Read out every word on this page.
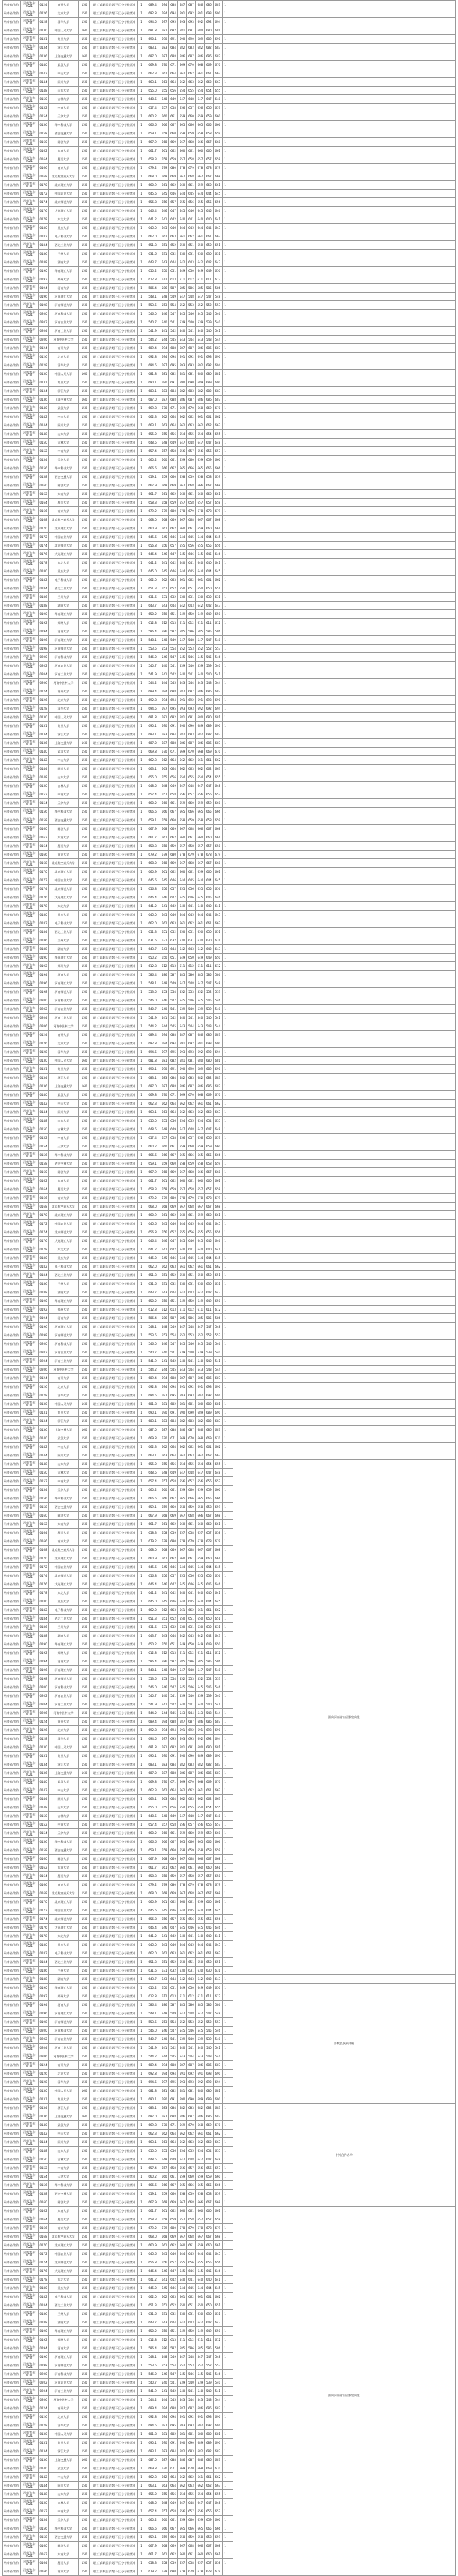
河南省/焦作	河南/焦作2021	0124	南开大学	150	理工(高职医学类(不区分专业类))	1	689.4	694	688	687	687	686	686	687	1		
河南省/焦作	河南/焦作2021	0126	北京大学	150	理工(高职医学类(不区分专业类))	1	692.8	694	694	691	692	691	693	690	1		
河南省/焦作	河南/焦作2021	0128	清华大学	150	理工(高职医学类(不区分专业类))	1	694.5	697	695	693	693	692	692	694	1		
河南省/焦作	河南/焦作2021	0130	中国人民大学	160	理工(高职医学类(不区分专业类))	1	681.8	681	682	681	681	680	680	681	1		
河南省/焦作	河南/焦作2021	0131	复旦大学	150	理工(高职医学类(不区分专业类))	1	690.1	690	691	690	690	689	689	690	1		
河南省/焦作	河南/焦作2021	0134	浙江大学	150	理工(高职医学类(不区分专业类))	1	683.1	683	684	682	683	682	682	683	1		
河南省/焦作	河南/焦作2021	0136	上海交通大学	160	理工(高职医学类(不区分专业类))	1	687.0	687	688	686	687	686	686	687	1		
河南省/焦作	河南/焦作2021	0140	武汉大学	150	理工(高职医学类(不区分专业类))	1	669.8	670	671	669	670	668	669	670	1		
河南省/焦作	河南/焦作2021	0142	中山大学	150	理工(高职医学类(不区分专业类))	1	662.3	662	664	662	662	661	661	662	1		
河南省/焦作	河南/焦作2021	0144	四川大学	150	理工(高职医学类(不区分专业类))	1	663.1	663	664	662	663	662	662	663	1		
河南省/焦作	河南/焦作2021	0148	山东大学	150	理工(高职医学类(不区分专业类))	1	655.0	655	656	654	655	654	654	655	1		
河南省/焦作	河南/焦作2021	0150	吉林大学	150	理工(高职医学类(不区分专业类))	1	648.5	648	649	647	648	647	647	648	1		
河南省/焦作	河南/焦作2021	0152	中南大学	150	理工(高职医学类(不区分专业类))	1	657.4	657	658	656	657	656	656	657	1		
河南省/焦作	河南/焦作2021	0154	天津大学	150	理工(高职医学类(不区分专业类))	1	660.2	660	661	659	660	659	659	660	1		
河南省/焦作	河南/焦作2021	0156	华中科技大学	150	理工(高职医学类(不区分专业类))	1	666.6	666	667	665	666	665	665	666	1		
河南省/焦作	河南/焦作2021	0158	西安交通大学	150	理工(高职医学类(不区分专业类))	1	659.1	659	660	658	659	658	658	659	1		
河南省/焦作	河南/焦作2021	0160	同济大学	150	理工(高职医学类(不区分专业类))	1	667.9	668	669	667	668	666	667	668	1		
河南省/焦作	河南/焦作2021	0162	东南大学	150	理工(高职医学类(不区分专业类))	1	661.7	661	662	660	661	660	660	661	1		
河南省/焦作	河南/焦作2021	0164	厦门大学	150	理工(高职医学类(不区分专业类))	1	658.3	658	659	657	658	657	657	658	1		
河南省/焦作	河南/焦作2021	0166	南京大学	150	理工(高职医学类(不区分专业类))	1	679.2	679	680	678	679	678	678	679	1		
河南省/焦作	河南/焦作2021	0168	北京航空航天大学	150	理工(高职医学类(不区分专业类))	1	668.0	668	669	667	668	667	667	668	1		
河南省/焦作	河南/焦作2021	0170	北京理工大学	150	理工(高职医学类(不区分专业类))	1	660.9	661	662	660	661	659	660	661	1		
河南省/焦作	河南/焦作2021	0172	中国农业大学	150	理工(高职医学类(不区分专业类))	1	645.6	645	646	644	645	644	644	645	1		
河南省/焦作	河南/焦作2021	0174	北京师范大学	150	理工(高职医学类(不区分专业类))	1	656.8	656	657	655	656	655	655	656	1		
河南省/焦作	河南/焦作2021	0176	大连理工大学	150	理工(高职医学类(不区分专业类))	1	646.4	646	647	645	646	645	645	646	1		
河南省/焦作	河南/焦作2021	0178	东北大学	150	理工(高职医学类(不区分专业类))	1	641.2	641	642	640	641	640	640	641	1		
河南省/焦作	河南/焦作2021	0180	重庆大学	150	理工(高职医学类(不区分专业类))	1	645.0	645	646	644	645	644	644	645	1		
河南省/焦作	河南/焦作2021	0182	电子科技大学	150	理工(高职医学类(不区分专业类))	1	662.0	662	663	661	662	661	661	662	1		
河南省/焦作	河南/焦作2021	0184	西北工业大学	150	理工(高职医学类(不区分专业类))	1	651.3	651	652	650	651	650	650	651	1		
河南省/焦作	河南/焦作2021	0186	兰州大学	150	理工(高职医学类(不区分专业类))	1	631.6	631	632	630	631	630	630	631	1		
河南省/焦作	河南/焦作2021	0188	湖南大学	150	理工(高职医学类(不区分专业类))	1	643.7	643	644	642	643	642	642	643	1		
河南省/焦作	河南/焦作2021	0190	华南理工大学	150	理工(高职医学类(不区分专业类))	1	650.2	650	651	649	650	649	649	650	1		
河南省/焦作	河南/焦作2021	0192	郑州大学	150	理工(高职医学类(不区分专业类))	1	612.8	612	613	611	612	611	611	612	1		
河南省/焦作	河南/焦作2021	0194	河南大学	150	理工(高职医学类(不区分专业类))	1	586.4	586	587	585	586	585	585	586	1		
河南省/焦作	河南/焦作2021	0196	河南理工大学	150	理工(高职医学类(不区分专业类))	1	548.1	548	549	547	548	547	547	548	1		
河南省/焦作	河南/焦作2021	0198	河南师范大学	150	理工(高职医学类(不区分专业类))	1	553.5	553	554	552	553	552	552	553	1		
河南省/焦作	河南/焦作2021	0200	河南科技大学	150	理工(高职医学类(不区分专业类))	1	546.0	546	547	545	546	545	545	546	1		
河南省/焦作	河南/焦作2021	0202	河南农业大学	150	理工(高职医学类(不区分专业类))	1	540.7	540	541	539	540	539	539	540	1		
河南省/焦作	河南/焦作2021	0204	河南工业大学	150	理工(高职医学类(不区分专业类))	1	541.9	541	542	540	541	540	540	541	1		
河南省/焦作	河南/焦作2021	0206	河南中医药大学	150	理工(高职医学类(不区分专业类))	1	544.2	544	545	543	544	543	543	544	1		
河南省/焦作	河南/焦作2021	0124	南开大学	150	理工(高职医学类(不区分专业类))	1	689.4	694	688	687	687	686	686	687	1		
河南省/焦作	河南/焦作2021	0126	北京大学	150	理工(高职医学类(不区分专业类))	1	692.8	694	694	691	692	691	693	690	1		
河南省/焦作	河南/焦作2021	0128	清华大学	150	理工(高职医学类(不区分专业类))	1	694.5	697	695	693	693	692	692	694	1		
河南省/焦作	河南/焦作2021	0130	中国人民大学	160	理工(高职医学类(不区分专业类))	1	681.8	681	682	681	681	680	680	681	1		
河南省/焦作	河南/焦作2021	0131	复旦大学	150	理工(高职医学类(不区分专业类))	1	690.1	690	691	690	690	689	689	690	1		
河南省/焦作	河南/焦作2021	0134	浙江大学	150	理工(高职医学类(不区分专业类))	1	683.1	683	684	682	683	682	682	683	1		
河南省/焦作	河南/焦作2021	0136	上海交通大学	160	理工(高职医学类(不区分专业类))	1	687.0	687	688	686	687	686	686	687	1		
河南省/焦作	河南/焦作2021	0140	武汉大学	150	理工(高职医学类(不区分专业类))	1	669.8	670	671	669	670	668	669	670	1		
河南省/焦作	河南/焦作2021	0142	中山大学	150	理工(高职医学类(不区分专业类))	1	662.3	662	664	662	662	661	661	662	1		
河南省/焦作	河南/焦作2021	0144	四川大学	150	理工(高职医学类(不区分专业类))	1	663.1	663	664	662	663	662	662	663	1		
河南省/焦作	河南/焦作2021	0148	山东大学	150	理工(高职医学类(不区分专业类))	1	655.0	655	656	654	655	654	654	655	1		
河南省/焦作	河南/焦作2021	0150	吉林大学	150	理工(高职医学类(不区分专业类))	1	648.5	648	649	647	648	647	647	648	1		
河南省/焦作	河南/焦作2021	0152	中南大学	150	理工(高职医学类(不区分专业类))	1	657.4	657	658	656	657	656	656	657	1		
河南省/焦作	河南/焦作2021	0154	天津大学	150	理工(高职医学类(不区分专业类))	1	660.2	660	661	659	660	659	659	660	1		
河南省/焦作	河南/焦作2021	0156	华中科技大学	150	理工(高职医学类(不区分专业类))	1	666.6	666	667	665	666	665	665	666	1		
河南省/焦作	河南/焦作2021	0158	西安交通大学	150	理工(高职医学类(不区分专业类))	1	659.1	659	660	658	659	658	658	659	1		
河南省/焦作	河南/焦作2021	0160	同济大学	150	理工(高职医学类(不区分专业类))	1	667.9	668	669	667	668	666	667	668	1		
河南省/焦作	河南/焦作2021	0162	东南大学	150	理工(高职医学类(不区分专业类))	1	661.7	661	662	660	661	660	660	661	1		
河南省/焦作	河南/焦作2021	0164	厦门大学	150	理工(高职医学类(不区分专业类))	1	658.3	658	659	657	658	657	657	658	1		
河南省/焦作	河南/焦作2021	0166	南京大学	150	理工(高职医学类(不区分专业类))	1	679.2	679	680	678	679	678	678	679	1		
河南省/焦作	河南/焦作2021	0168	北京航空航天大学	150	理工(高职医学类(不区分专业类))	1	668.0	668	669	667	668	667	667	668	1		
河南省/焦作	河南/焦作2021	0170	北京理工大学	150	理工(高职医学类(不区分专业类))	1	660.9	661	662	660	661	659	660	661	1		
河南省/焦作	河南/焦作2021	0172	中国农业大学	150	理工(高职医学类(不区分专业类))	1	645.6	645	646	644	645	644	644	645	1		
河南省/焦作	河南/焦作2021	0174	北京师范大学	150	理工(高职医学类(不区分专业类))	1	656.8	656	657	655	656	655	655	656	1		
河南省/焦作	河南/焦作2021	0176	大连理工大学	150	理工(高职医学类(不区分专业类))	1	646.4	646	647	645	646	645	645	646	1		
河南省/焦作	河南/焦作2021	0178	东北大学	150	理工(高职医学类(不区分专业类))	1	641.2	641	642	640	641	640	640	641	1		
河南省/焦作	河南/焦作2021	0180	重庆大学	150	理工(高职医学类(不区分专业类))	1	645.0	645	646	644	645	644	644	645	1		
河南省/焦作	河南/焦作2021	0182	电子科技大学	150	理工(高职医学类(不区分专业类))	1	662.0	662	663	661	662	661	661	662	1		
河南省/焦作	河南/焦作2021	0184	西北工业大学	150	理工(高职医学类(不区分专业类))	1	651.3	651	652	650	651	650	650	651	1		
河南省/焦作	河南/焦作2021	0186	兰州大学	150	理工(高职医学类(不区分专业类))	1	631.6	631	632	630	631	630	630	631	1		
河南省/焦作	河南/焦作2021	0188	湖南大学	150	理工(高职医学类(不区分专业类))	1	643.7	643	644	642	643	642	642	643	1		
河南省/焦作	河南/焦作2021	0190	华南理工大学	150	理工(高职医学类(不区分专业类))	1	650.2	650	651	649	650	649	649	650	1		
河南省/焦作	河南/焦作2021	0192	郑州大学	150	理工(高职医学类(不区分专业类))	1	612.8	612	613	611	612	611	611	612	1		
河南省/焦作	河南/焦作2021	0194	河南大学	150	理工(高职医学类(不区分专业类))	1	586.4	586	587	585	586	585	585	586	1		
河南省/焦作	河南/焦作2021	0196	河南理工大学	150	理工(高职医学类(不区分专业类))	1	548.1	548	549	547	548	547	547	548	1		
河南省/焦作	河南/焦作2021	0198	河南师范大学	150	理工(高职医学类(不区分专业类))	1	553.5	553	554	552	553	552	552	553	1		
河南省/焦作	河南/焦作2021	0200	河南科技大学	150	理工(高职医学类(不区分专业类))	1	546.0	546	547	545	546	545	545	546	1		
河南省/焦作	河南/焦作2021	0202	河南农业大学	150	理工(高职医学类(不区分专业类))	1	540.7	540	541	539	540	539	539	540	1		
河南省/焦作	河南/焦作2021	0204	河南工业大学	150	理工(高职医学类(不区分专业类))	1	541.9	541	542	540	541	540	540	541	1		
河南省/焦作	河南/焦作2021	0206	河南中医药大学	150	理工(高职医学类(不区分专业类))	1	544.2	544	545	543	544	543	543	544	1		
河南省/焦作	河南/焦作2021	0124	南开大学	150	理工(高职医学类(不区分专业类))	1	689.4	694	688	687	687	686	686	687	1		
河南省/焦作	河南/焦作2021	0126	北京大学	150	理工(高职医学类(不区分专业类))	1	692.8	694	694	691	692	691	693	690	1		
河南省/焦作	河南/焦作2021	0128	清华大学	150	理工(高职医学类(不区分专业类))	1	694.5	697	695	693	693	692	692	694	1		
河南省/焦作	河南/焦作2021	0130	中国人民大学	160	理工(高职医学类(不区分专业类))	1	681.8	681	682	681	681	680	680	681	1		
河南省/焦作	河南/焦作2021	0131	复旦大学	150	理工(高职医学类(不区分专业类))	1	690.1	690	691	690	690	689	689	690	1		
河南省/焦作	河南/焦作2021	0134	浙江大学	150	理工(高职医学类(不区分专业类))	1	683.1	683	684	682	683	682	682	683	1		
河南省/焦作	河南/焦作2021	0136	上海交通大学	160	理工(高职医学类(不区分专业类))	1	687.0	687	688	686	687	686	686	687	1		
河南省/焦作	河南/焦作2021	0140	武汉大学	150	理工(高职医学类(不区分专业类))	1	669.8	670	671	669	670	668	669	670	1		
河南省/焦作	河南/焦作2021	0142	中山大学	150	理工(高职医学类(不区分专业类))	1	662.3	662	664	662	662	661	661	662	1		
河南省/焦作	河南/焦作2021	0144	四川大学	150	理工(高职医学类(不区分专业类))	1	663.1	663	664	662	663	662	662	663	1		
河南省/焦作	河南/焦作2021	0148	山东大学	150	理工(高职医学类(不区分专业类))	1	655.0	655	656	654	655	654	654	655	1		
河南省/焦作	河南/焦作2021	0150	吉林大学	150	理工(高职医学类(不区分专业类))	1	648.5	648	649	647	648	647	647	648	1		
河南省/焦作	河南/焦作2021	0152	中南大学	150	理工(高职医学类(不区分专业类))	1	657.4	657	658	656	657	656	656	657	1		
河南省/焦作	河南/焦作2021	0154	天津大学	150	理工(高职医学类(不区分专业类))	1	660.2	660	661	659	660	659	659	660	1		
河南省/焦作	河南/焦作2021	0156	华中科技大学	150	理工(高职医学类(不区分专业类))	1	666.6	666	667	665	666	665	665	666	1		
河南省/焦作	河南/焦作2021	0158	西安交通大学	150	理工(高职医学类(不区分专业类))	1	659.1	659	660	658	659	658	658	659	1		
河南省/焦作	河南/焦作2021	0160	同济大学	150	理工(高职医学类(不区分专业类))	1	667.9	668	669	667	668	666	667	668	1		
河南省/焦作	河南/焦作2021	0162	东南大学	150	理工(高职医学类(不区分专业类))	1	661.7	661	662	660	661	660	660	661	1		
河南省/焦作	河南/焦作2021	0164	厦门大学	150	理工(高职医学类(不区分专业类))	1	658.3	658	659	657	658	657	657	658	1		
河南省/焦作	河南/焦作2021	0166	南京大学	150	理工(高职医学类(不区分专业类))	1	679.2	679	680	678	679	678	678	679	1		
河南省/焦作	河南/焦作2021	0168	北京航空航天大学	150	理工(高职医学类(不区分专业类))	1	668.0	668	669	667	668	667	667	668	1		
河南省/焦作	河南/焦作2021	0170	北京理工大学	150	理工(高职医学类(不区分专业类))	1	660.9	661	662	660	661	659	660	661	1		
河南省/焦作	河南/焦作2021	0172	中国农业大学	150	理工(高职医学类(不区分专业类))	1	645.6	645	646	644	645	644	644	645	1		
河南省/焦作	河南/焦作2021	0174	北京师范大学	150	理工(高职医学类(不区分专业类))	1	656.8	656	657	655	656	655	655	656	1		
河南省/焦作	河南/焦作2021	0176	大连理工大学	150	理工(高职医学类(不区分专业类))	1	646.4	646	647	645	646	645	645	646	1		
河南省/焦作	河南/焦作2021	0178	东北大学	150	理工(高职医学类(不区分专业类))	1	641.2	641	642	640	641	640	640	641	1		
河南省/焦作	河南/焦作2021	0180	重庆大学	150	理工(高职医学类(不区分专业类))	1	645.0	645	646	644	645	644	644	645	1		
河南省/焦作	河南/焦作2021	0182	电子科技大学	150	理工(高职医学类(不区分专业类))	1	662.0	662	663	661	662	661	661	662	1		
河南省/焦作	河南/焦作2021	0184	西北工业大学	150	理工(高职医学类(不区分专业类))	1	651.3	651	652	650	651	650	650	651	1		
河南省/焦作	河南/焦作2021	0186	兰州大学	150	理工(高职医学类(不区分专业类))	1	631.6	631	632	630	631	630	630	631	1		
河南省/焦作	河南/焦作2021	0188	湖南大学	150	理工(高职医学类(不区分专业类))	1	643.7	643	644	642	643	642	642	643	1		
河南省/焦作	河南/焦作2021	0190	华南理工大学	150	理工(高职医学类(不区分专业类))	1	650.2	650	651	649	650	649	649	650	1		
河南省/焦作	河南/焦作2021	0192	郑州大学	150	理工(高职医学类(不区分专业类))	1	612.8	612	613	611	612	611	611	612	1		
河南省/焦作	河南/焦作2021	0194	河南大学	150	理工(高职医学类(不区分专业类))	1	586.4	586	587	585	586	585	585	586	1		
河南省/焦作	河南/焦作2021	0196	河南理工大学	150	理工(高职医学类(不区分专业类))	1	548.1	548	549	547	548	547	547	548	1		
河南省/焦作	河南/焦作2021	0198	河南师范大学	150	理工(高职医学类(不区分专业类))	1	553.5	553	554	552	553	552	552	553	1		
河南省/焦作	河南/焦作2021	0200	河南科技大学	150	理工(高职医学类(不区分专业类))	1	546.0	546	547	545	546	545	545	546	1		
河南省/焦作	河南/焦作2021	0202	河南农业大学	150	理工(高职医学类(不区分专业类))	1	540.7	540	541	539	540	539	539	540	1		
河南省/焦作	河南/焦作2021	0204	河南工业大学	150	理工(高职医学类(不区分专业类))	1	541.9	541	542	540	541	540	540	541	1		
河南省/焦作	河南/焦作2021	0206	河南中医药大学	150	理工(高职医学类(不区分专业类))	1	544.2	544	545	543	544	543	543	544	1		
河南省/焦作	河南/焦作2021	0124	南开大学	150	理工(高职医学类(不区分专业类))	1	689.4	694	688	687	687	686	686	687	1		
河南省/焦作	河南/焦作2021	0126	北京大学	150	理工(高职医学类(不区分专业类))	1	692.8	694	694	691	692	691	693	690	1		
河南省/焦作	河南/焦作2021	0128	清华大学	150	理工(高职医学类(不区分专业类))	1	694.5	697	695	693	693	692	692	694	1		
河南省/焦作	河南/焦作2021	0130	中国人民大学	160	理工(高职医学类(不区分专业类))	1	681.8	681	682	681	681	680	680	681	1		
河南省/焦作	河南/焦作2021	0131	复旦大学	150	理工(高职医学类(不区分专业类))	1	690.1	690	691	690	690	689	689	690	1		
河南省/焦作	河南/焦作2021	0134	浙江大学	150	理工(高职医学类(不区分专业类))	1	683.1	683	684	682	683	682	682	683	1		
河南省/焦作	河南/焦作2021	0136	上海交通大学	160	理工(高职医学类(不区分专业类))	1	687.0	687	688	686	687	686	686	687	1		
河南省/焦作	河南/焦作2021	0140	武汉大学	150	理工(高职医学类(不区分专业类))	1	669.8	670	671	669	670	668	669	670	1		
河南省/焦作	河南/焦作2021	0142	中山大学	150	理工(高职医学类(不区分专业类))	1	662.3	662	664	662	662	661	661	662	1		
河南省/焦作	河南/焦作2021	0144	四川大学	150	理工(高职医学类(不区分专业类))	1	663.1	663	664	662	663	662	662	663	1		
河南省/焦作	河南/焦作2021	0148	山东大学	150	理工(高职医学类(不区分专业类))	1	655.0	655	656	654	655	654	654	655	1		
河南省/焦作	河南/焦作2021	0150	吉林大学	150	理工(高职医学类(不区分专业类))	1	648.5	648	649	647	648	647	647	648	1		
河南省/焦作	河南/焦作2021	0152	中南大学	150	理工(高职医学类(不区分专业类))	1	657.4	657	658	656	657	656	656	657	1		
河南省/焦作	河南/焦作2021	0154	天津大学	150	理工(高职医学类(不区分专业类))	1	660.2	660	661	659	660	659	659	660	1		
河南省/焦作	河南/焦作2021	0156	华中科技大学	150	理工(高职医学类(不区分专业类))	1	666.6	666	667	665	666	665	665	666	1		
河南省/焦作	河南/焦作2021	0158	西安交通大学	150	理工(高职医学类(不区分专业类))	1	659.1	659	660	658	659	658	658	659	1		
河南省/焦作	河南/焦作2021	0160	同济大学	150	理工(高职医学类(不区分专业类))	1	667.9	668	669	667	668	666	667	668	1		
河南省/焦作	河南/焦作2021	0162	东南大学	150	理工(高职医学类(不区分专业类))	1	661.7	661	662	660	661	660	660	661	1		
河南省/焦作	河南/焦作2021	0164	厦门大学	150	理工(高职医学类(不区分专业类))	1	658.3	658	659	657	658	657	657	658	1		
河南省/焦作	河南/焦作2021	0166	南京大学	150	理工(高职医学类(不区分专业类))	1	679.2	679	680	678	679	678	678	679	1		
河南省/焦作	河南/焦作2021	0168	北京航空航天大学	150	理工(高职医学类(不区分专业类))	1	668.0	668	669	667	668	667	667	668	1		
河南省/焦作	河南/焦作2021	0170	北京理工大学	150	理工(高职医学类(不区分专业类))	1	660.9	661	662	660	661	659	660	661	1		
河南省/焦作	河南/焦作2021	0172	中国农业大学	150	理工(高职医学类(不区分专业类))	1	645.6	645	646	644	645	644	644	645	1		
河南省/焦作	河南/焦作2021	0174	北京师范大学	150	理工(高职医学类(不区分专业类))	1	656.8	656	657	655	656	655	655	656	1		
河南省/焦作	河南/焦作2021	0176	大连理工大学	150	理工(高职医学类(不区分专业类))	1	646.4	646	647	645	646	645	645	646	1		
河南省/焦作	河南/焦作2021	0178	东北大学	150	理工(高职医学类(不区分专业类))	1	641.2	641	642	640	641	640	640	641	1		
河南省/焦作	河南/焦作2021	0180	重庆大学	150	理工(高职医学类(不区分专业类))	1	645.0	645	646	644	645	644	644	645	1		
河南省/焦作	河南/焦作2021	0182	电子科技大学	150	理工(高职医学类(不区分专业类))	1	662.0	662	663	661	662	661	661	662	1		
河南省/焦作	河南/焦作2021	0184	西北工业大学	150	理工(高职医学类(不区分专业类))	1	651.3	651	652	650	651	650	650	651	1		
河南省/焦作	河南/焦作2021	0186	兰州大学	150	理工(高职医学类(不区分专业类))	1	631.6	631	632	630	631	630	630	631	1		
河南省/焦作	河南/焦作2021	0188	湖南大学	150	理工(高职医学类(不区分专业类))	1	643.7	643	644	642	643	642	642	643	1		
河南省/焦作	河南/焦作2021	0190	华南理工大学	150	理工(高职医学类(不区分专业类))	1	650.2	650	651	649	650	649	649	650	1		
河南省/焦作	河南/焦作2021	0192	郑州大学	150	理工(高职医学类(不区分专业类))	1	612.8	612	613	611	612	611	611	612	1		
河南省/焦作	河南/焦作2021	0194	河南大学	150	理工(高职医学类(不区分专业类))	1	586.4	586	587	585	586	585	585	586	1		
河南省/焦作	河南/焦作2021	0196	河南理工大学	150	理工(高职医学类(不区分专业类))	1	548.1	548	549	547	548	547	547	548	1		
河南省/焦作	河南/焦作2021	0198	河南师范大学	150	理工(高职医学类(不区分专业类))	1	553.5	553	554	552	553	552	552	553	1		
河南省/焦作	河南/焦作2021	0200	河南科技大学	150	理工(高职医学类(不区分专业类))	1	546.0	546	547	545	546	545	545	546	1		
河南省/焦作	河南/焦作2021	0202	河南农业大学	150	理工(高职医学类(不区分专业类))	1	540.7	540	541	539	540	539	539	540	1		
河南省/焦作	河南/焦作2021	0204	河南工业大学	150	理工(高职医学类(不区分专业类))	1	541.9	541	542	540	541	540	540	541	1		
河南省/焦作	河南/焦作2021	0206	河南中医药大学	150	理工(高职医学类(不区分专业类))	1	544.2	544	545	543	544	543	543	544	1		
河南省/焦作	河南/焦作2021	0124	南开大学	150	理工(高职医学类(不区分专业类))	1	689.4	694	688	687	687	686	686	687	1		
河南省/焦作	河南/焦作2021	0126	北京大学	150	理工(高职医学类(不区分专业类))	1	692.8	694	694	691	692	691	693	690	1		
河南省/焦作	河南/焦作2021	0128	清华大学	150	理工(高职医学类(不区分专业类))	1	694.5	697	695	693	693	692	692	694	1		
河南省/焦作	河南/焦作2021	0130	中国人民大学	160	理工(高职医学类(不区分专业类))	1	681.8	681	682	681	681	680	680	681	1		
河南省/焦作	河南/焦作2021	0131	复旦大学	150	理工(高职医学类(不区分专业类))	1	690.1	690	691	690	690	689	689	690	1		
河南省/焦作	河南/焦作2021	0134	浙江大学	150	理工(高职医学类(不区分专业类))	1	683.1	683	684	682	683	682	682	683	1		
河南省/焦作	河南/焦作2021	0136	上海交通大学	160	理工(高职医学类(不区分专业类))	1	687.0	687	688	686	687	686	686	687	1		
河南省/焦作	河南/焦作2021	0140	武汉大学	150	理工(高职医学类(不区分专业类))	1	669.8	670	671	669	670	668	669	670	1		
河南省/焦作	河南/焦作2021	0142	中山大学	150	理工(高职医学类(不区分专业类))	1	662.3	662	664	662	662	661	661	662	1		
河南省/焦作	河南/焦作2021	0144	四川大学	150	理工(高职医学类(不区分专业类))	1	663.1	663	664	662	663	662	662	663	1		
河南省/焦作	河南/焦作2021	0148	山东大学	150	理工(高职医学类(不区分专业类))	1	655.0	655	656	654	655	654	654	655	1		面向河南省内招收定向生
河南省/焦作	河南/焦作2021	0150	吉林大学	150	理工(高职医学类(不区分专业类))	1	648.5	648	649	647	648	647	647	648	1		
河南省/焦作	河南/焦作2021	0152	中南大学	150	理工(高职医学类(不区分专业类))	1	657.4	657	658	656	657	656	656	657	1		
河南省/焦作	河南/焦作2021	0154	天津大学	150	理工(高职医学类(不区分专业类))	1	660.2	660	661	659	660	659	659	660	1		
河南省/焦作	河南/焦作2021	0156	华中科技大学	150	理工(高职医学类(不区分专业类))	1	666.6	666	667	665	666	665	665	666	1		
河南省/焦作	河南/焦作2021	0158	西安交通大学	150	理工(高职医学类(不区分专业类))	1	659.1	659	660	658	659	658	658	659	1		
河南省/焦作	河南/焦作2021	0160	同济大学	150	理工(高职医学类(不区分专业类))	1	667.9	668	669	667	668	666	667	668	1		
河南省/焦作	河南/焦作2021	0162	东南大学	150	理工(高职医学类(不区分专业类))	1	661.7	661	662	660	661	660	660	661	1		
河南省/焦作	河南/焦作2021	0164	厦门大学	150	理工(高职医学类(不区分专业类))	1	658.3	658	659	657	658	657	657	658	1		
河南省/焦作	河南/焦作2021	0166	南京大学	150	理工(高职医学类(不区分专业类))	1	679.2	679	680	678	679	678	678	679	1		
河南省/焦作	河南/焦作2021	0168	北京航空航天大学	150	理工(高职医学类(不区分专业类))	1	668.0	668	669	667	668	667	667	668	1		
河南省/焦作	河南/焦作2021	0170	北京理工大学	150	理工(高职医学类(不区分专业类))	1	660.9	661	662	660	661	659	660	661	1		
河南省/焦作	河南/焦作2021	0172	中国农业大学	150	理工(高职医学类(不区分专业类))	1	645.6	645	646	644	645	644	644	645	1		
河南省/焦作	河南/焦作2021	0174	北京师范大学	150	理工(高职医学类(不区分专业类))	1	656.8	656	657	655	656	655	655	656	1		
河南省/焦作	河南/焦作2021	0176	大连理工大学	150	理工(高职医学类(不区分专业类))	1	646.4	646	647	645	646	645	645	646	1		
河南省/焦作	河南/焦作2021	0178	东北大学	150	理工(高职医学类(不区分专业类))	1	641.2	641	642	640	641	640	640	641	1		
河南省/焦作	河南/焦作2021	0180	重庆大学	150	理工(高职医学类(不区分专业类))	1	645.0	645	646	644	645	644	644	645	1		
河南省/焦作	河南/焦作2021	0182	电子科技大学	150	理工(高职医学类(不区分专业类))	1	662.0	662	663	661	662	661	661	662	1		
河南省/焦作	河南/焦作2021	0184	西北工业大学	150	理工(高职医学类(不区分专业类))	1	651.3	651	652	650	651	650	650	651	1		
河南省/焦作	河南/焦作2021	0186	兰州大学	150	理工(高职医学类(不区分专业类))	1	631.6	631	632	630	631	630	630	631	1		
河南省/焦作	河南/焦作2021	0188	湖南大学	150	理工(高职医学类(不区分专业类))	1	643.7	643	644	642	643	642	642	643	1		
河南省/焦作	河南/焦作2021	0190	华南理工大学	150	理工(高职医学类(不区分专业类))	1	650.2	650	651	649	650	649	649	650	1		
河南省/焦作	河南/焦作2021	0192	郑州大学	150	理工(高职医学类(不区分专业类))	1	612.8	612	613	611	612	611	611	612	1		
河南省/焦作	河南/焦作2021	0194	河南大学	150	理工(高职医学类(不区分专业类))	1	586.4	586	587	585	586	585	585	586	1		
河南省/焦作	河南/焦作2021	0196	河南理工大学	150	理工(高职医学类(不区分专业类))	1	548.1	548	549	547	548	547	547	548	1		
河南省/焦作	河南/焦作2021	0198	河南师范大学	150	理工(高职医学类(不区分专业类))	1	553.5	553	554	552	553	552	552	553	1		
河南省/焦作	河南/焦作2021	0200	河南科技大学	150	理工(高职医学类(不区分专业类))	1	546.0	546	547	545	546	545	545	546	1		
河南省/焦作	河南/焦作2021	0202	河南农业大学	150	理工(高职医学类(不区分专业类))	1	540.7	540	541	539	540	539	539	540	1		
河南省/焦作	河南/焦作2021	0204	河南工业大学	150	理工(高职医学类(不区分专业类))	1	541.9	541	542	540	541	540	540	541	1		
河南省/焦作	河南/焦作2021	0206	河南中医药大学	150	理工(高职医学类(不区分专业类))	1	544.2	544	545	543	544	543	543	544	1		
河南省/焦作	河南/焦作2021	0124	南开大学	150	理工(高职医学类(不区分专业类))	1	689.4	694	688	687	687	686	686	687	1		
河南省/焦作	河南/焦作2021	0126	北京大学	150	理工(高职医学类(不区分专业类))	1	692.8	694	694	691	692	691	693	690	1		
河南省/焦作	河南/焦作2021	0128	清华大学	150	理工(高职医学类(不区分专业类))	1	694.5	697	695	693	693	692	692	694	1		
河南省/焦作	河南/焦作2021	0130	中国人民大学	160	理工(高职医学类(不区分专业类))	1	681.8	681	682	681	681	680	680	681	1		
河南省/焦作	河南/焦作2021	0131	复旦大学	150	理工(高职医学类(不区分专业类))	1	690.1	690	691	690	690	689	689	690	1		
河南省/焦作	河南/焦作2021	0134	浙江大学	150	理工(高职医学类(不区分专业类))	1	683.1	683	684	682	683	682	682	683	1		
河南省/焦作	河南/焦作2021	0136	上海交通大学	160	理工(高职医学类(不区分专业类))	1	687.0	687	688	686	687	686	686	687	1		
河南省/焦作	河南/焦作2021	0140	武汉大学	150	理工(高职医学类(不区分专业类))	1	669.8	670	671	669	670	668	669	670	1		
河南省/焦作	河南/焦作2021	0142	中山大学	150	理工(高职医学类(不区分专业类))	1	662.3	662	664	662	662	661	661	662	1		
河南省/焦作	河南/焦作2021	0144	四川大学	150	理工(高职医学类(不区分专业类))	1	663.1	663	664	662	663	662	662	663	1		
河南省/焦作	河南/焦作2021	0148	山东大学	150	理工(高职医学类(不区分专业类))	1	655.0	655	656	654	655	654	654	655	1		
河南省/焦作	河南/焦作2021	0150	吉林大学	150	理工(高职医学类(不区分专业类))	1	648.5	648	649	647	648	647	647	648	1		
河南省/焦作	河南/焦作2021	0152	中南大学	150	理工(高职医学类(不区分专业类))	1	657.4	657	658	656	657	656	656	657	1		
河南省/焦作	河南/焦作2021	0154	天津大学	150	理工(高职医学类(不区分专业类))	1	660.2	660	661	659	660	659	659	660	1		
河南省/焦作	河南/焦作2021	0156	华中科技大学	150	理工(高职医学类(不区分专业类))	1	666.6	666	667	665	666	665	665	666	1		
河南省/焦作	河南/焦作2021	0158	西安交通大学	150	理工(高职医学类(不区分专业类))	1	659.1	659	660	658	659	658	658	659	1		
河南省/焦作	河南/焦作2021	0160	同济大学	150	理工(高职医学类(不区分专业类))	1	667.9	668	669	667	668	666	667	668	1		
河南省/焦作	河南/焦作2021	0162	东南大学	150	理工(高职医学类(不区分专业类))	1	661.7	661	662	660	661	660	660	661	1		
河南省/焦作	河南/焦作2021	0164	厦门大学	150	理工(高职医学类(不区分专业类))	1	658.3	658	659	657	658	657	657	658	1		
河南省/焦作	河南/焦作2021	0166	南京大学	150	理工(高职医学类(不区分专业类))	1	679.2	679	680	678	679	678	678	679	1		
河南省/焦作	河南/焦作2021	0168	北京航空航天大学	150	理工(高职医学类(不区分专业类))	1	668.0	668	669	667	668	667	667	668	1		
河南省/焦作	河南/焦作2021	0170	北京理工大学	150	理工(高职医学类(不区分专业类))	1	660.9	661	662	660	661	659	660	661	1		
河南省/焦作	河南/焦作2021	0172	中国农业大学	150	理工(高职医学类(不区分专业类))	1	645.6	645	646	644	645	644	644	645	1		
河南省/焦作	河南/焦作2021	0174	北京师范大学	150	理工(高职医学类(不区分专业类))	1	656.8	656	657	655	656	655	655	656	1		
河南省/焦作	河南/焦作2021	0176	大连理工大学	150	理工(高职医学类(不区分专业类))	1	646.4	646	647	645	646	645	645	646	1		
河南省/焦作	河南/焦作2021	0178	东北大学	150	理工(高职医学类(不区分专业类))	1	641.2	641	642	640	641	640	640	641	1		
河南省/焦作	河南/焦作2021	0180	重庆大学	150	理工(高职医学类(不区分专业类))	1	645.0	645	646	644	645	644	644	645	1		
河南省/焦作	河南/焦作2021	0182	电子科技大学	150	理工(高职医学类(不区分专业类))	1	662.0	662	663	661	662	661	661	662	1		
河南省/焦作	河南/焦作2021	0184	西北工业大学	150	理工(高职医学类(不区分专业类))	1	651.3	651	652	650	651	650	650	651	1		
河南省/焦作	河南/焦作2021	0186	兰州大学	150	理工(高职医学类(不区分专业类))	1	631.6	631	632	630	631	630	630	631	1		
河南省/焦作	河南/焦作2021	0188	湖南大学	150	理工(高职医学类(不区分专业类))	1	643.7	643	644	642	643	642	642	643	1		
河南省/焦作	河南/焦作2021	0190	华南理工大学	150	理工(高职医学类(不区分专业类))	1	650.2	650	651	649	650	649	649	650	1		
河南省/焦作	河南/焦作2021	0192	郑州大学	150	理工(高职医学类(不区分专业类))	1	612.8	612	613	611	612	611	611	612	1		少数民族预科班
河南省/焦作	河南/焦作2021	0194	河南大学	150	理工(高职医学类(不区分专业类))	1	586.4	586	587	585	586	585	585	586	1		
河南省/焦作	河南/焦作2021	0196	河南理工大学	150	理工(高职医学类(不区分专业类))	1	548.1	548	549	547	548	547	547	548	1		
河南省/焦作	河南/焦作2021	0198	河南师范大学	150	理工(高职医学类(不区分专业类))	1	553.5	553	554	552	553	552	552	553	1		
河南省/焦作	河南/焦作2021	0200	河南科技大学	150	理工(高职医学类(不区分专业类))	1	546.0	546	547	545	546	545	545	546	1		
河南省/焦作	河南/焦作2021	0202	河南农业大学	150	理工(高职医学类(不区分专业类))	1	540.7	540	541	539	540	539	539	540	1		
河南省/焦作	河南/焦作2021	0204	河南工业大学	150	理工(高职医学类(不区分专业类))	1	541.9	541	542	540	541	540	540	541	1		
河南省/焦作	河南/焦作2021	0206	河南中医药大学	150	理工(高职医学类(不区分专业类))	1	544.2	544	545	543	544	543	543	544	1		
河南省/焦作	河南/焦作2021	0124	南开大学	150	理工(高职医学类(不区分专业类))	1	689.4	694	688	687	687	686	686	687	1		
河南省/焦作	河南/焦作2021	0126	北京大学	150	理工(高职医学类(不区分专业类))	1	692.8	694	694	691	692	691	693	690	1		
河南省/焦作	河南/焦作2021	0128	清华大学	150	理工(高职医学类(不区分专业类))	1	694.5	697	695	693	693	692	692	694	1		
河南省/焦作	河南/焦作2021	0130	中国人民大学	160	理工(高职医学类(不区分专业类))	1	681.8	681	682	681	681	680	680	681	1		
河南省/焦作	河南/焦作2021	0131	复旦大学	150	理工(高职医学类(不区分专业类))	1	690.1	690	691	690	690	689	689	690	1		
河南省/焦作	河南/焦作2021	0134	浙江大学	150	理工(高职医学类(不区分专业类))	1	683.1	683	684	682	683	682	682	683	1		
河南省/焦作	河南/焦作2021	0136	上海交通大学	160	理工(高职医学类(不区分专业类))	1	687.0	687	688	686	687	686	686	687	1		中外合作办学
河南省/焦作	河南/焦作2021	0140	武汉大学	150	理工(高职医学类(不区分专业类))	1	669.8	670	671	669	670	668	669	670	1		
河南省/焦作	河南/焦作2021	0142	中山大学	150	理工(高职医学类(不区分专业类))	1	662.3	662	664	662	662	661	661	662	1		
河南省/焦作	河南/焦作2021	0144	四川大学	150	理工(高职医学类(不区分专业类))	1	663.1	663	664	662	663	662	662	663	1		
河南省/焦作	河南/焦作2021	0148	山东大学	150	理工(高职医学类(不区分专业类))	1	655.0	655	656	654	655	654	654	655	1		
河南省/焦作	河南/焦作2021	0150	吉林大学	150	理工(高职医学类(不区分专业类))	1	648.5	648	649	647	648	647	647	648	1		
河南省/焦作	河南/焦作2021	0152	中南大学	150	理工(高职医学类(不区分专业类))	1	657.4	657	658	656	657	656	656	657	1		
河南省/焦作	河南/焦作2021	0154	天津大学	150	理工(高职医学类(不区分专业类))	1	660.2	660	661	659	660	659	659	660	1		
河南省/焦作	河南/焦作2021	0156	华中科技大学	150	理工(高职医学类(不区分专业类))	1	666.6	666	667	665	666	665	665	666	1		
河南省/焦作	河南/焦作2021	0158	西安交通大学	150	理工(高职医学类(不区分专业类))	1	659.1	659	660	658	659	658	658	659	1		
河南省/焦作	河南/焦作2021	0160	同济大学	150	理工(高职医学类(不区分专业类))	1	667.9	668	669	667	668	666	667	668	1		
河南省/焦作	河南/焦作2021	0162	东南大学	150	理工(高职医学类(不区分专业类))	1	661.7	661	662	660	661	660	660	661	1		
河南省/焦作	河南/焦作2021	0164	厦门大学	150	理工(高职医学类(不区分专业类))	1	658.3	658	659	657	658	657	657	658	1		面向河南省内招收定向生
河南省/焦作	河南/焦作2021	0166	南京大学	150	理工(高职医学类(不区分专业类))	1	679.2	679	680	678	679	678	678	679	1		
河南省/焦作	河南/焦作2021	0168	北京航空航天大学	150	理工(高职医学类(不区分专业类))	1	668.0	668	669	667	668	667	667	668	1		
河南省/焦作	河南/焦作2021	0170	北京理工大学	150	理工(高职医学类(不区分专业类))	1	660.9	661	662	660	661	659	660	661	1		
河南省/焦作	河南/焦作2021	0172	中国农业大学	150	理工(高职医学类(不区分专业类))	1	645.6	645	646	644	645	644	644	645	1		
河南省/焦作	河南/焦作2021	0174	北京师范大学	150	理工(高职医学类(不区分专业类))	1	656.8	656	657	655	656	655	655	656	1		
河南省/焦作	河南/焦作2021	0176	大连理工大学	150	理工(高职医学类(不区分专业类))	1	646.4	646	647	645	646	645	645	646	1		
河南省/焦作	河南/焦作2021	0178	东北大学	150	理工(高职医学类(不区分专业类))	1	641.2	641	642	640	641	640	640	641	1		
河南省/焦作	河南/焦作2021	0180	重庆大学	150	理工(高职医学类(不区分专业类))	1	645.0	645	646	644	645	644	644	645	1		
河南省/焦作	河南/焦作2021	0182	电子科技大学	150	理工(高职医学类(不区分专业类))	1	662.0	662	663	661	662	661	661	662	1		
河南省/焦作	河南/焦作2021	0184	西北工业大学	150	理工(高职医学类(不区分专业类))	1	651.3	651	652	650	651	650	650	651	1		
河南省/焦作	河南/焦作2021	0186	兰州大学	150	理工(高职医学类(不区分专业类))	1	631.6	631	632	630	631	630	630	631	1		
河南省/焦作	河南/焦作2021	0188	湖南大学	150	理工(高职医学类(不区分专业类))	1	643.7	643	644	642	643	642	642	643	1		
河南省/焦作	河南/焦作2021	0190	华南理工大学	150	理工(高职医学类(不区分专业类))	1	650.2	650	651	649	650	649	649	650	1		
河南省/焦作	河南/焦作2021	0192	郑州大学	150	理工(高职医学类(不区分专业类))	1	612.8	612	613	611	612	611	611	612	1		
河南省/焦作	河南/焦作2021	0194	河南大学	150	理工(高职医学类(不区分专业类))	1	586.4	586	587	585	586	585	585	586	1		
河南省/焦作	河南/焦作2021	0196	河南理工大学	150	理工(高职医学类(不区分专业类))	1	548.1	548	549	547	548	547	547	548	1		
河南省/焦作	河南/焦作2021	0198	河南师范大学	150	理工(高职医学类(不区分专业类))	1	553.5	553	554	552	553	552	552	553	1		
河南省/焦作	河南/焦作2021	0200	河南科技大学	150	理工(高职医学类(不区分专业类))	1	546.0	546	547	545	546	545	545	546	1		
河南省/焦作	河南/焦作2021	0202	河南农业大学	150	理工(高职医学类(不区分专业类))	1	540.7	540	541	539	540	539	539	540	1		
河南省/焦作	河南/焦作2021	0204	河南工业大学	150	理工(高职医学类(不区分专业类))	1	541.9	541	542	540	541	540	540	541	1		
河南省/焦作	河南/焦作2021	0206	河南中医药大学	150	理工(高职医学类(不区分专业类))	1	544.2	544	545	543	544	543	543	544	1		
河南省/焦作	河南/焦作2021	0124	南开大学	150	理工(高职医学类(不区分专业类))	1	689.4	694	688	687	687	686	686	687	1		
河南省/焦作	河南/焦作2021	0126	北京大学	150	理工(高职医学类(不区分专业类))	1	692.8	694	694	691	692	691	693	690	1		
河南省/焦作	河南/焦作2021	0128	清华大学	150	理工(高职医学类(不区分专业类))	1	694.5	697	695	693	693	692	692	694	1		
河南省/焦作	河南/焦作2021	0130	中国人民大学	160	理工(高职医学类(不区分专业类))	1	681.8	681	682	681	681	680	680	681	1		
河南省/焦作	河南/焦作2021	0131	复旦大学	150	理工(高职医学类(不区分专业类))	1	690.1	690	691	690	690	689	689	690	1		
河南省/焦作	河南/焦作2021	0134	浙江大学	150	理工(高职医学类(不区分专业类))	1	683.1	683	684	682	683	682	682	683	1		
河南省/焦作	河南/焦作2021	0136	上海交通大学	160	理工(高职医学类(不区分专业类))	1	687.0	687	688	686	687	686	686	687	1		
河南省/焦作	河南/焦作2021	0140	武汉大学	150	理工(高职医学类(不区分专业类))	1	669.8	670	671	669	670	668	669	670	1		
河南省/焦作	河南/焦作2021	0142	中山大学	150	理工(高职医学类(不区分专业类))	1	662.3	662	664	662	662	661	661	662	1		
河南省/焦作	河南/焦作2021	0144	四川大学	150	理工(高职医学类(不区分专业类))	1	663.1	663	664	662	663	662	662	663	1		
河南省/焦作	河南/焦作2021	0148	山东大学	150	理工(高职医学类(不区分专业类))	1	655.0	655	656	654	655	654	654	655	1		
河南省/焦作	河南/焦作2021	0150	吉林大学	150	理工(高职医学类(不区分专业类))	1	648.5	648	649	647	648	647	647	648	1		
河南省/焦作	河南/焦作2021	0152	中南大学	150	理工(高职医学类(不区分专业类))	1	657.4	657	658	656	657	656	656	657	1		
河南省/焦作	河南/焦作2021	0154	天津大学	150	理工(高职医学类(不区分专业类))	1	660.2	660	661	659	660	659	659	660	1		
河南省/焦作	河南/焦作2021	0156	华中科技大学	150	理工(高职医学类(不区分专业类))	1	666.6	666	667	665	666	665	665	666	1		
河南省/焦作	河南/焦作2021	0158	西安交通大学	150	理工(高职医学类(不区分专业类))	1	659.1	659	660	658	659	658	658	659	1		
河南省/焦作	河南/焦作2021	0160	同济大学	150	理工(高职医学类(不区分专业类))	1	667.9	668	669	667	668	666	667	668	1		
河南省/焦作	河南/焦作2021	0162	东南大学	150	理工(高职医学类(不区分专业类))	1	661.7	661	662	660	661	660	660	661	1		
河南省/焦作	河南/焦作2021	0164	厦门大学	150	理工(高职医学类(不区分专业类))	1	658.3	658	659	657	658	657	657	658	1		
河南省/焦作	河南/焦作2021	0166	南京大学	150	理工(高职医学类(不区分专业类))	1	679.2	679	680	678	679	678	678	679	1		
